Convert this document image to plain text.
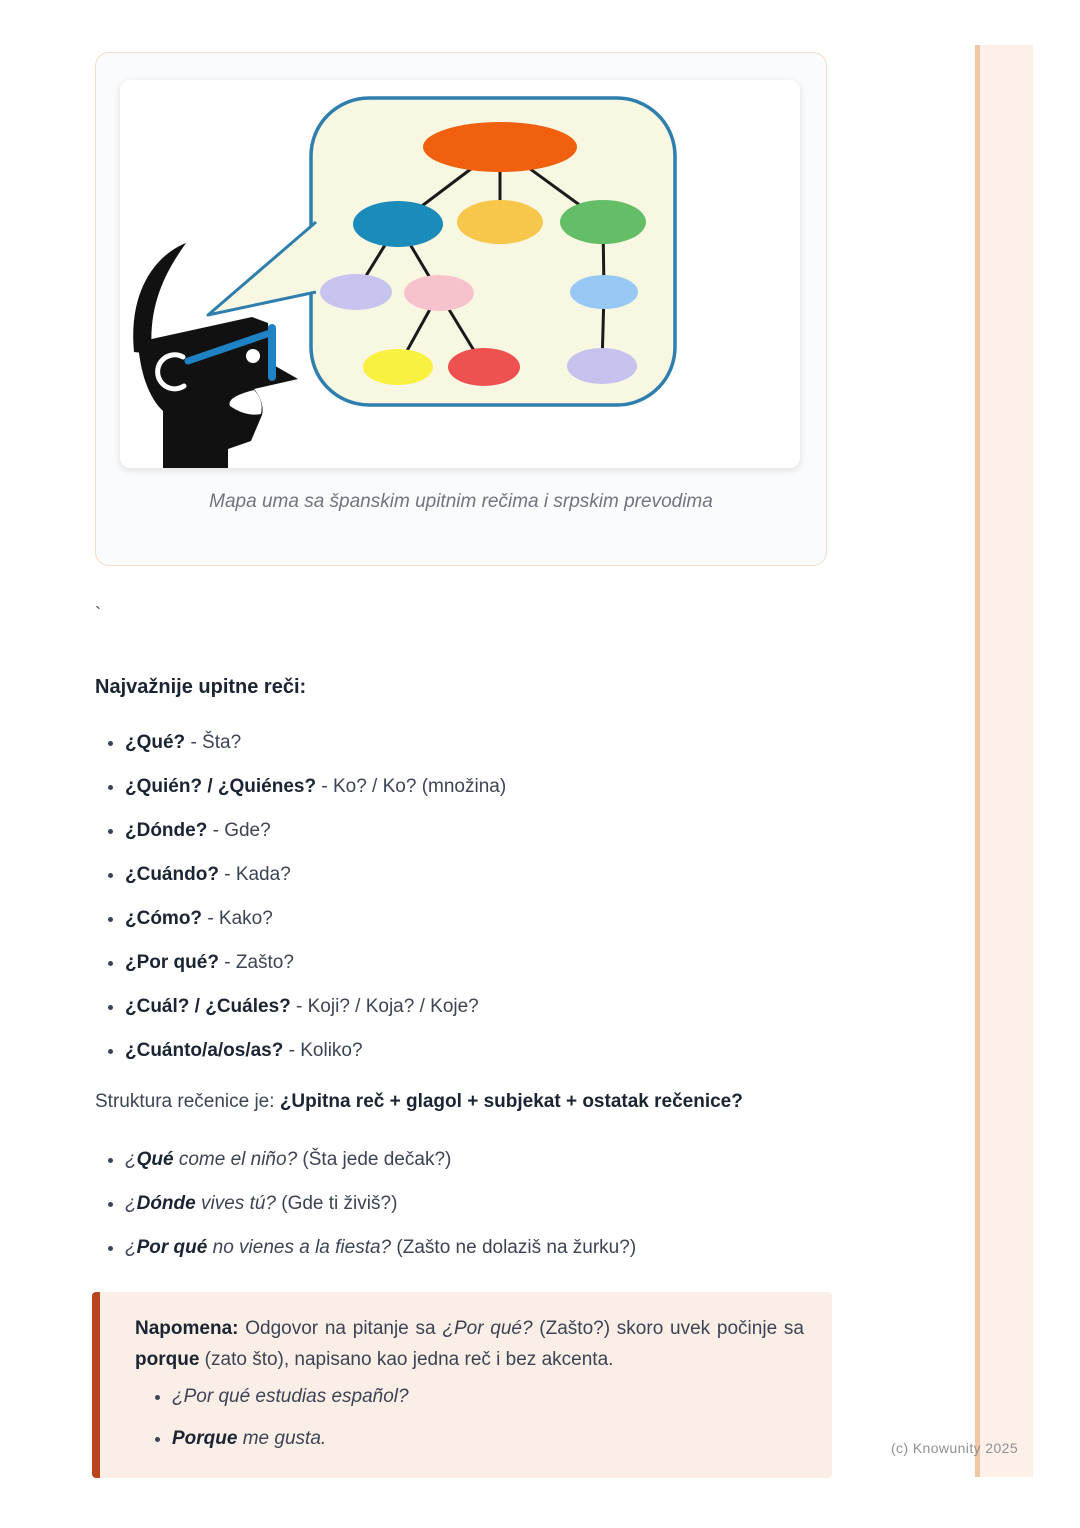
Mapa uma sa španskim upitnim rečima i srpskim prevodima
`
Najvažnije upitne reči:
• ¿Qué? - Šta?
• ¿Quién? / ¿Quiénes? - Ko? / Ko? (množina)
• ¿Dónde? - Gde?
• ¿Cuándo? - Kada?
• ¿Cómo? - Kako?
• ¿Por qué? - Zašto?
• ¿Cuál? / ¿Cuáles? - Koji? / Koja? / Koje?
• ¿Cuánto/a/os/as? - Koliko?
Struktura rečenice je: ¿Upitna reč + glagol + subjekat + ostatak rečenice?
• ¿Qué come el niño? (Šta jede dečak?)
• ¿Dónde vives tú? (Gde ti živiš?)
• ¿Por qué no vienes a la fiesta? (Zašto ne dolaziš na žurku?)
Napomena: Odgovor na pitanje sa ¿Por qué? (Zašto?) skoro uvek počinje sa porque (zato što), napisano kao jedna reč i bez akcenta.
• ¿Por qué estudias español?
• Porque me gusta.	(c) Knowunity 2025
